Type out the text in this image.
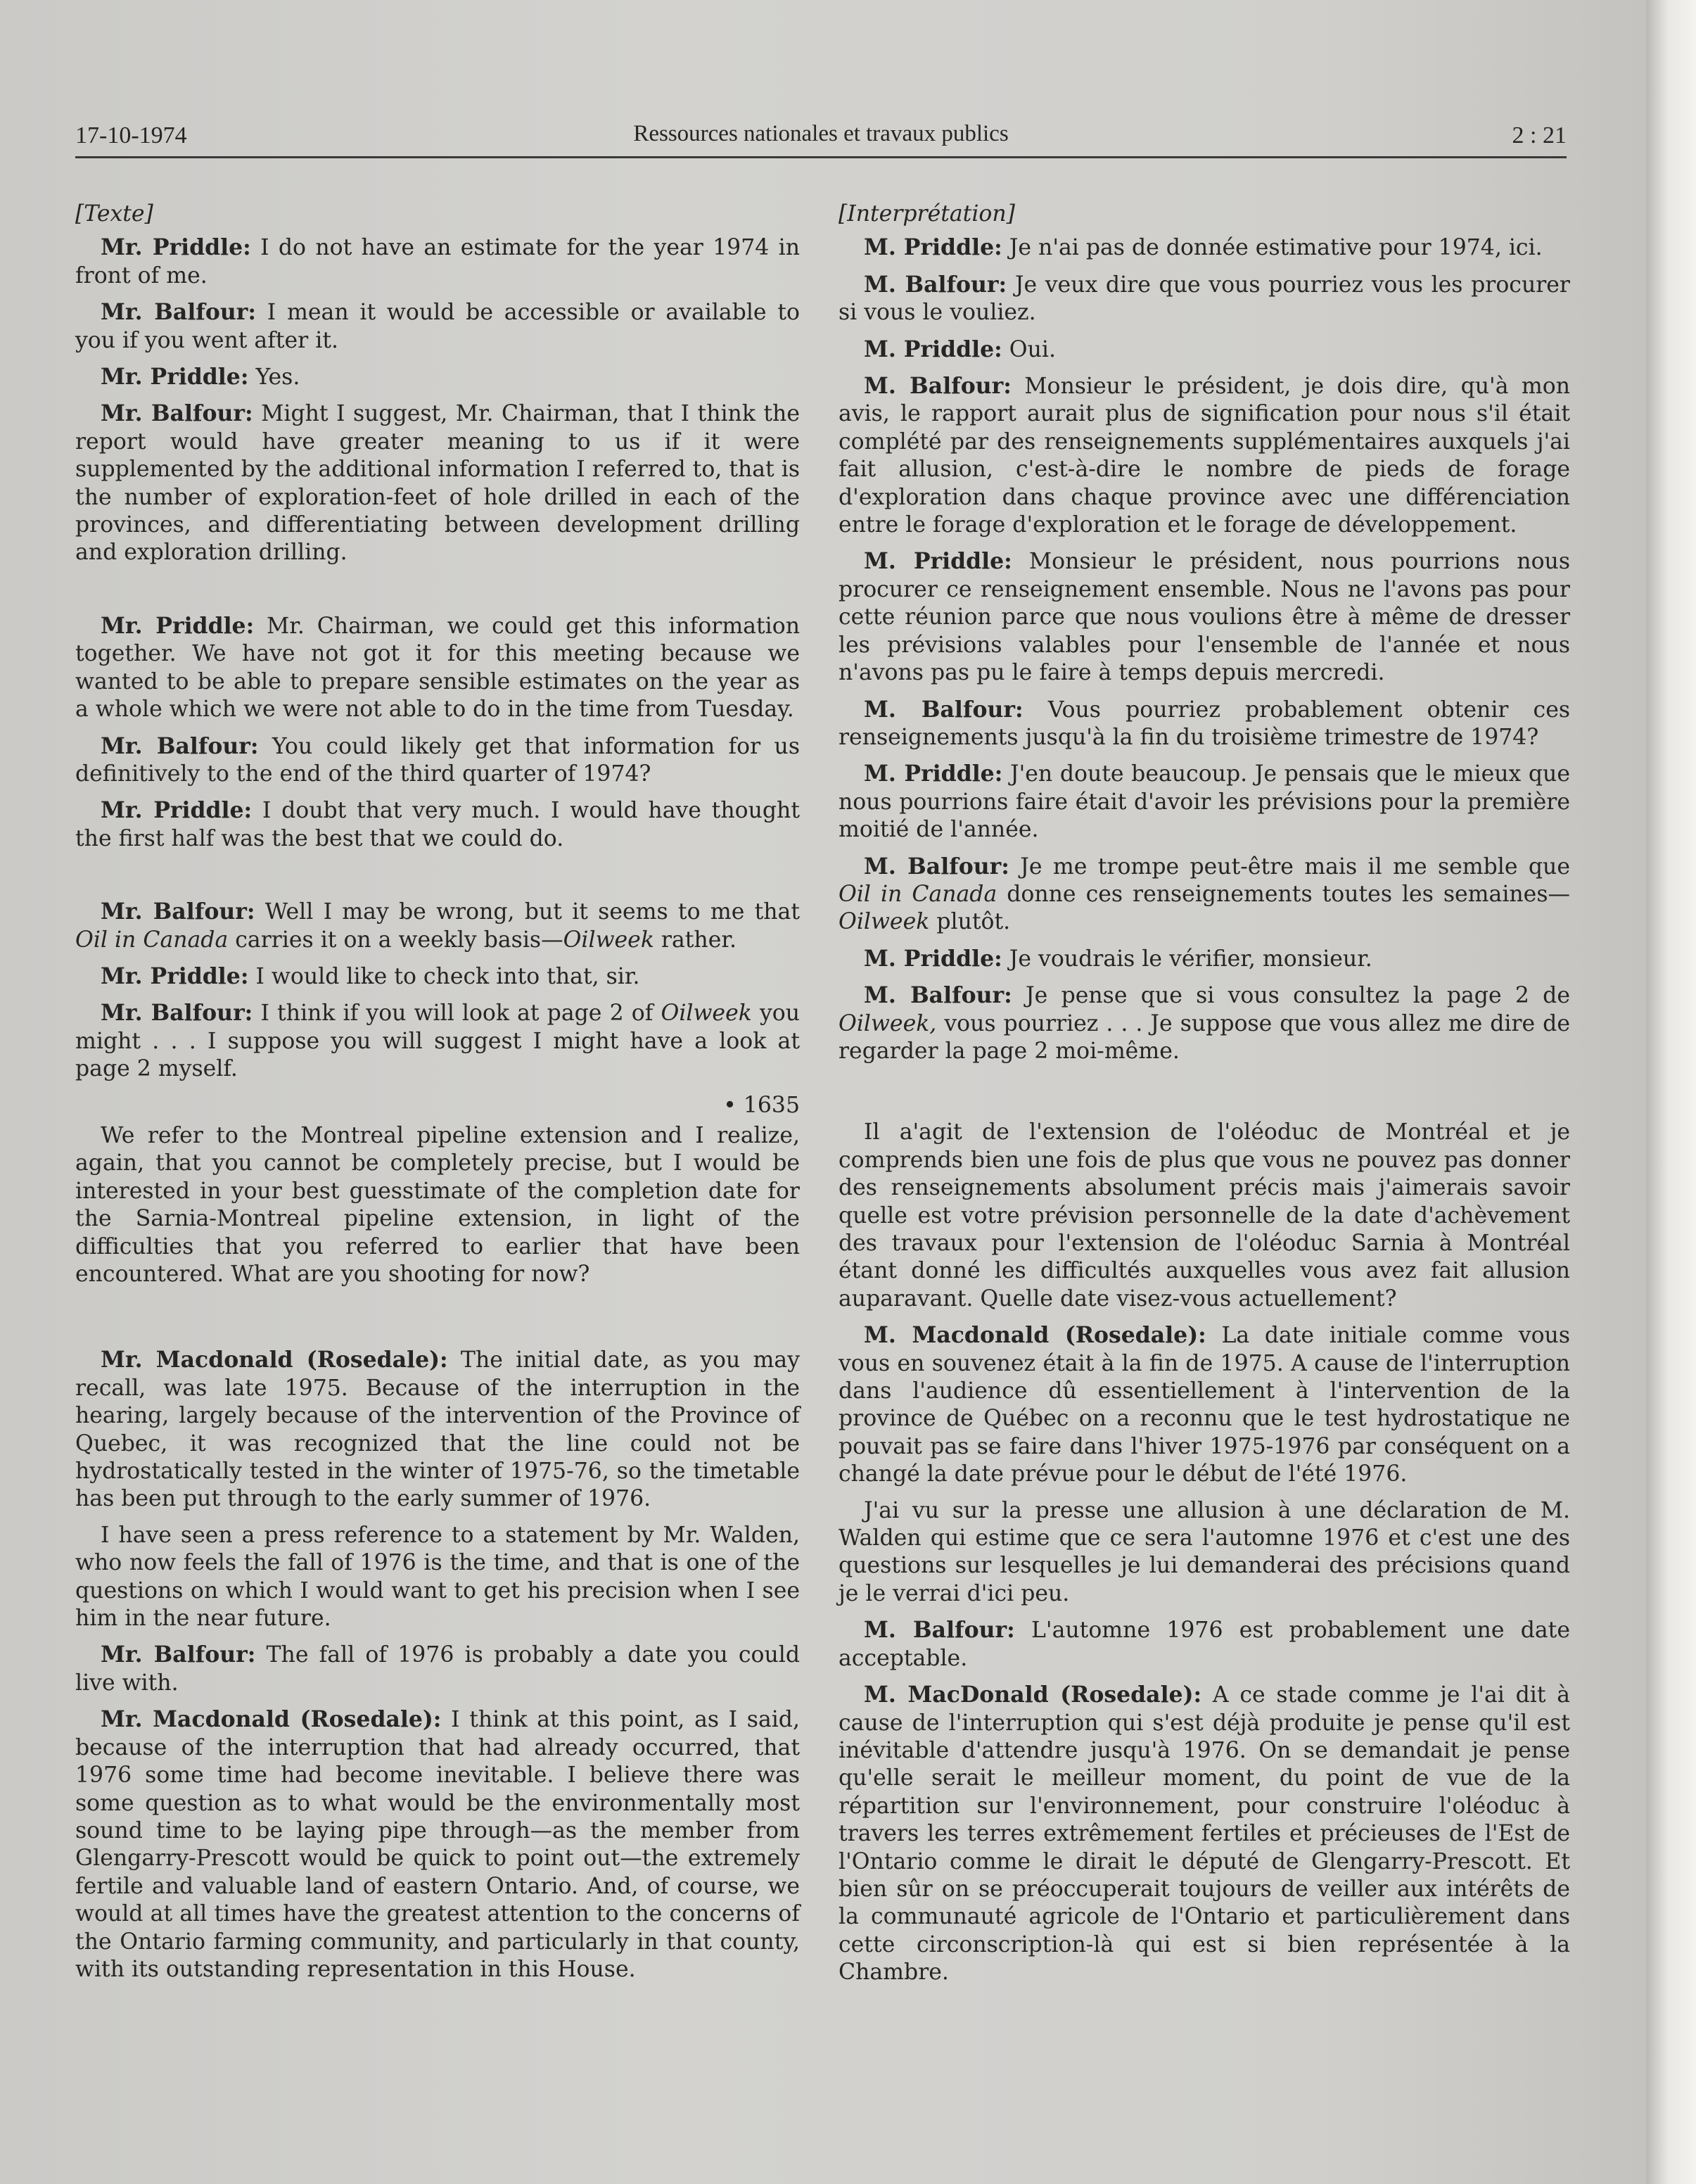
17-10-1974	Ressources nationales et travaux publics	2 : 21

[Texte]

Mr. Priddle: I do not have an estimate for the year 1974 in front of me.

Mr. Balfour: I mean it would be accessible or available to you if you went after it.

Mr. Priddle: Yes.

Mr. Balfour: Might I suggest, Mr. Chairman, that I think the report would have greater meaning to us if it were supplemented by the additional information I referred to, that is the number of exploration-feet of hole drilled in each of the provinces, and differentiating between development drilling and exploration drilling.

Mr. Priddle: Mr. Chairman, we could get this information together. We have not got it for this meeting because we wanted to be able to prepare sensible estimates on the year as a whole which we were not able to do in the time from Tuesday.

Mr. Balfour: You could likely get that information for us definitively to the end of the third quarter of 1974?

Mr. Priddle: I doubt that very much. I would have thought the first half was the best that we could do.

Mr. Balfour: Well I may be wrong, but it seems to me that Oil in Canada carries it on a weekly basis—Oilweek rather.

Mr. Priddle: I would like to check into that, sir.

Mr. Balfour: I think if you will look at page 2 of Oilweek you might . . . I suppose you will suggest I might have a look at page 2 myself.

• 1635

We refer to the Montreal pipeline extension and I realize, again, that you cannot be completely precise, but I would be interested in your best guesstimate of the completion date for the Sarnia-Montreal pipeline extension, in light of the difficulties that you referred to earlier that have been encountered. What are you shooting for now?

Mr. Macdonald (Rosedale): The initial date, as you may recall, was late 1975. Because of the interruption in the hearing, largely because of the intervention of the Province of Quebec, it was recognized that the line could not be hydrostatically tested in the winter of 1975-76, so the timetable has been put through to the early summer of 1976.

I have seen a press reference to a statement by Mr. Walden, who now feels the fall of 1976 is the time, and that is one of the questions on which I would want to get his precision when I see him in the near future.

Mr. Balfour: The fall of 1976 is probably a date you could live with.

Mr. Macdonald (Rosedale): I think at this point, as I said, because of the interruption that had already occurred, that 1976 some time had become inevitable. I believe there was some question as to what would be the environmentally most sound time to be laying pipe through—as the member from Glengarry-Prescott would be quick to point out—the extremely fertile and valuable land of eastern Ontario. And, of course, we would at all times have the greatest attention to the concerns of the Ontario farming community, and particularly in that county, with its outstanding representation in this House.

[Interprétation]

M. Priddle: Je n'ai pas de donnée estimative pour 1974, ici.

M. Balfour: Je veux dire que vous pourriez vous les procurer si vous le vouliez.

M. Priddle: Oui.

M. Balfour: Monsieur le président, je dois dire, qu'à mon avis, le rapport aurait plus de signification pour nous s'il était complété par des renseignements supplémentaires auxquels j'ai fait allusion, c'est-à-dire le nombre de pieds de forage d'exploration dans chaque province avec une différenciation entre le forage d'exploration et le forage de développement.

M. Priddle: Monsieur le président, nous pourrions nous procurer ce renseignement ensemble. Nous ne l'avons pas pour cette réunion parce que nous voulions être à même de dresser les prévisions valables pour l'ensemble de l'année et nous n'avons pas pu le faire à temps depuis mercredi.

M. Balfour: Vous pourriez probablement obtenir ces renseignements jusqu'à la fin du troisième trimestre de 1974?

M. Priddle: J'en doute beaucoup. Je pensais que le mieux que nous pourrions faire était d'avoir les prévisions pour la première moitié de l'année.

M. Balfour: Je me trompe peut-être mais il me semble que Oil in Canada donne ces renseignements toutes les semaines—Oilweek plutôt.

M. Priddle: Je voudrais le vérifier, monsieur.

M. Balfour: Je pense que si vous consultez la page 2 de Oilweek, vous pourriez . . . Je suppose que vous allez me dire de regarder la page 2 moi-même.

Il a'agit de l'extension de l'oléoduc de Montréal et je comprends bien une fois de plus que vous ne pouvez pas donner des renseignements absolument précis mais j'aimerais savoir quelle est votre prévision personnelle de la date d'achèvement des travaux pour l'extension de l'oléoduc Sarnia à Montréal étant donné les difficultés auxquelles vous avez fait allusion auparavant. Quelle date visez-vous actuellement?

M. Macdonald (Rosedale): La date initiale comme vous vous en souvenez était à la fin de 1975. A cause de l'interruption dans l'audience dû essentiellement à l'intervention de la province de Québec on a reconnu que le test hydrostatique ne pouvait pas se faire dans l'hiver 1975-1976 par conséquent on a changé la date prévue pour le début de l'été 1976.

J'ai vu sur la presse une allusion à une déclaration de M. Walden qui estime que ce sera l'automne 1976 et c'est une des questions sur lesquelles je lui demanderai des précisions quand je le verrai d'ici peu.

M. Balfour: L'automne 1976 est probablement une date acceptable.

M. MacDonald (Rosedale): A ce stade comme je l'ai dit à cause de l'interruption qui s'est déjà produite je pense qu'il est inévitable d'attendre jusqu'à 1976. On se demandait je pense qu'elle serait le meilleur moment, du point de vue de la répartition sur l'environnement, pour construire l'oléoduc à travers les terres extrêmement fertiles et précieuses de l'Est de l'Ontario comme le dirait le député de Glengarry-Prescott. Et bien sûr on se préoccuperait toujours de veiller aux intérêts de la communauté agricole de l'Ontario et particulièrement dans cette circonscription-là qui est si bien représentée à la Chambre.
